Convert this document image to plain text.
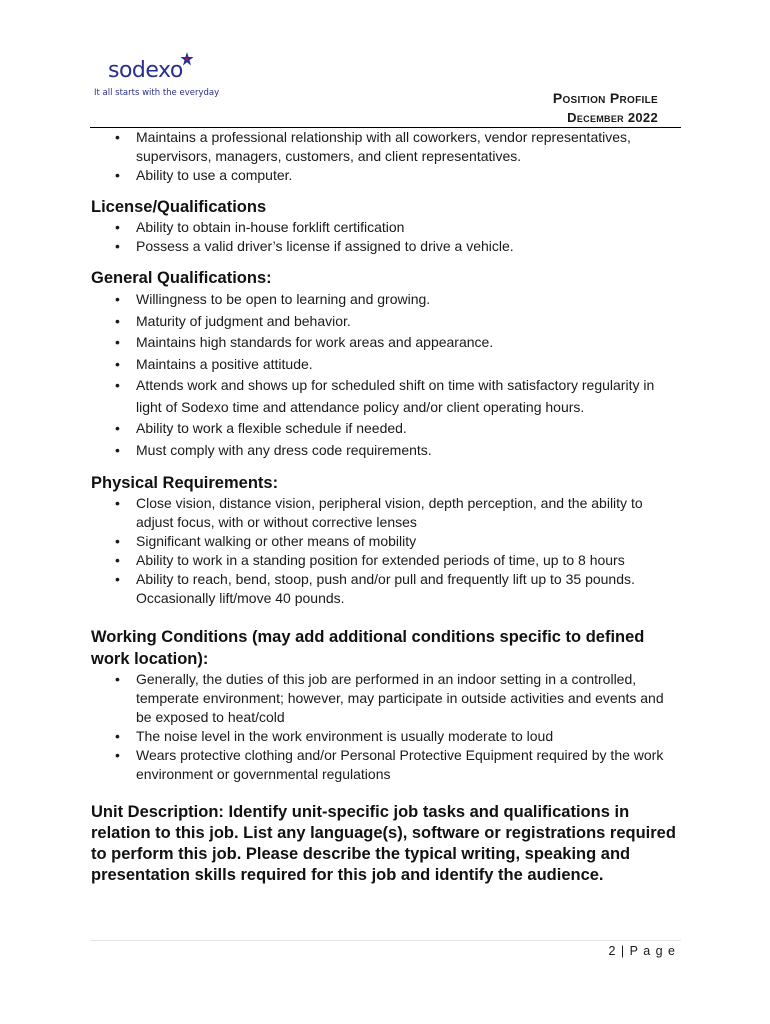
sodexo
It all starts with the everyday	Position Profile
December 2022
• Maintains a professional relationship with all coworkers, vendor representatives, supervisors, managers, customers, and client representatives.
• Ability to use a computer.
License/Qualifications
• Ability to obtain in-house forklift certification
• Possess a valid driver’s license if assigned to drive a vehicle.
General Qualifications:
• Willingness to be open to learning and growing.
• Maturity of judgment and behavior.
• Maintains high standards for work areas and appearance.
• Maintains a positive attitude.
• Attends work and shows up for scheduled shift on time with satisfactory regularity in light of Sodexo time and attendance policy and/or client operating hours.
• Ability to work a flexible schedule if needed.
• Must comply with any dress code requirements.
Physical Requirements:
• Close vision, distance vision, peripheral vision, depth perception, and the ability to adjust focus, with or without corrective lenses
• Significant walking or other means of mobility
• Ability to work in a standing position for extended periods of time, up to 8 hours
• Ability to reach, bend, stoop, push and/or pull and frequently lift up to 35 pounds. Occasionally lift/move 40 pounds.
Working Conditions (may add additional conditions specific to defined work location):
• Generally, the duties of this job are performed in an indoor setting in a controlled, temperate environment; however, may participate in outside activities and events and be exposed to heat/cold
• The noise level in the work environment is usually moderate to loud
• Wears protective clothing and/or Personal Protective Equipment required by the work environment or governmental regulations
Unit Description: Identify unit-specific job tasks and qualifications in relation to this job. List any language(s), software or registrations required to perform this job. Please describe the typical writing, speaking and presentation skills required for this job and identify the audience.
2 | P a g e
